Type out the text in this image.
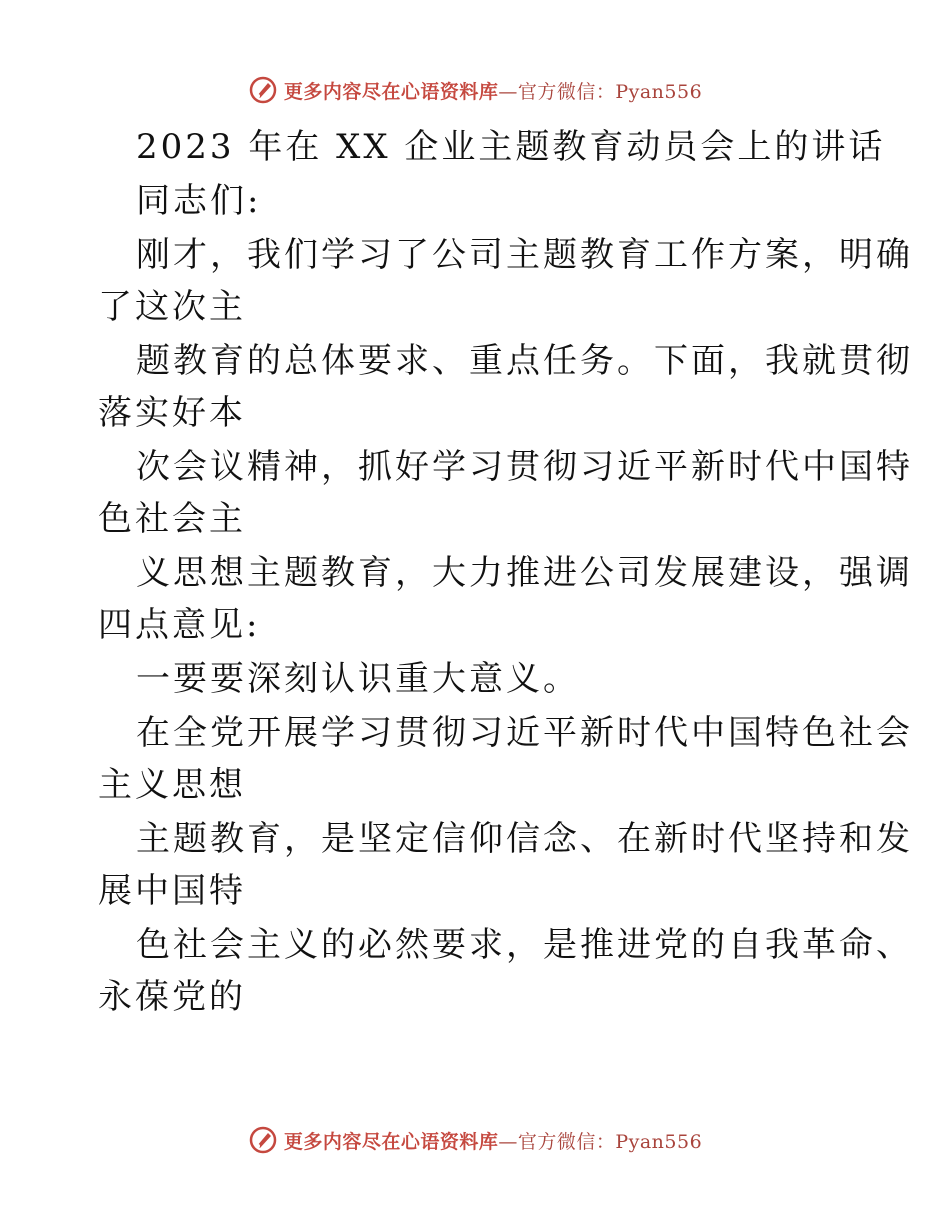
更多内容尽在心语资料库—官方微信：Pyan556
2023 年在 XX 企业主题教育动员会上的讲话
同志们:
刚才，我们学习了公司主题教育工作方案，明确
了这次主
题教育的总体要求、重点任务。下面，我就贯彻
落实好本
次会议精神，抓好学习贯彻习近平新时代中国特
色社会主
义思想主题教育，大力推进公司发展建设，强调
四点意见:
一要要深刻认识重大意义。
在全党开展学习贯彻习近平新时代中国特色社会
主义思想
主题教育，是坚定信仰信念、在新时代坚持和发
展中国特
色社会主义的必然要求，是推进党的自我革命、
永葆党的
更多内容尽在心语资料库—官方微信：Pyan556
